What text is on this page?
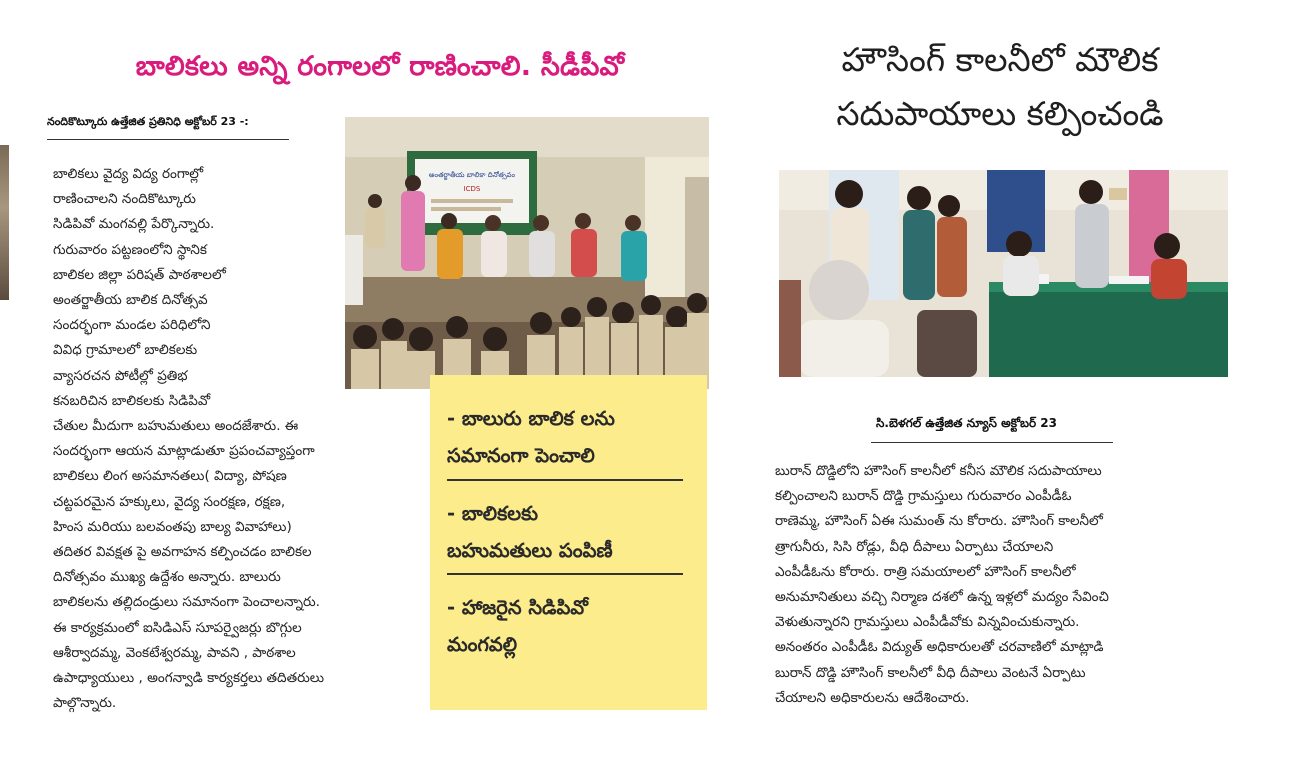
బాలికలు అన్ని రంగాలలో రాణించాలి. సీడీపీవో
నందికొట్కూరు ఉత్తేజిత ప్రతినిధి అక్టోబర్ 23 -:
బాలికలు వైద్య విద్య రంగాల్లో
రాణించాలని నందికొట్కూరు
సిడిపివో మంగవల్లి పేర్కొన్నారు.
గురువారం పట్టణంలోని స్థానిక
బాలికల జిల్లా పరిషత్ పాఠశాలలో
అంతర్జాతీయ బాలిక దినోత్సవ
సందర్భంగా మండల పరిధిలోని
వివిధ గ్రామాలలో బాలికలకు
వ్యాసరచన పోటీల్లో ప్రతిభ
కనబరిచిన బాలికలకు సిడిపివో
చేతుల మీదుగా బహుమతులు అందజేశారు. ఈ
సందర్భంగా ఆయన మాట్లాడుతూ ప్రపంచవ్యాప్తంగా
బాలికలు లింగ అసమానతలు( విద్యా, పోషణ
చట్టపరమైన హక్కులు, వైద్య సంరక్షణ, రక్షణ,
హింస మరియు బలవంతపు బాల్య వివాహాలు)
తదితర వివక్షత పై అవగాహన కల్పించడం బాలికల
దినోత్సవం ముఖ్య ఉద్దేశం అన్నారు. బాలురు
బాలికలను తల్లిదండ్రులు సమానంగా పెంచాలన్నారు.
ఈ కార్యక్రమంలో ఐసిడిఎస్ సూపర్వైజర్లు బొగ్గుల
ఆశీర్వాదమ్మ, వెంకటేశ్వరమ్మ, పావని , పాఠశాల
ఉపాధ్యాయులు , అంగన్వాడి కార్యకర్తలు తదితరులు
పాల్గొన్నారు.
అంతర్జాతీయ బాలికా దినోత్సవం
ICDS
- బాలురు బాలిక లను
సమానంగా పెంచాలి
- బాలికలకు
బహుమతులు పంపిణీ
- హాజరైన సిడిపివో
మంగవల్లి
హౌసింగ్ కాలనీలో మౌలిక
సదుపాయాలు కల్పించండి
సి.బెళగల్ ఉత్తేజిత న్యూస్ అక్టోబర్ 23
బురాన్ దొడ్డిలోని హౌసింగ్ కాలనీలో కనీస మౌలిక సదుపాయాలు
కల్పించాలని బురాన్ దొడ్డి గ్రామస్తులు గురువారం ఎంపీడీఓ
రాణెమ్మ, హౌసింగ్ ఏఈ సుమంత్ ను కోరారు. హౌసింగ్ కాలనీలో
త్రాగునీరు, సిసి రోడ్లు, వీధి దీపాలు ఏర్పాటు చేయాలని
ఎంపీడీఓను కోరారు. రాత్రి సమయాలలో హౌసింగ్ కాలనీలో
అనుమానితులు వచ్చి నిర్మాణ దశలో ఉన్న ఇళ్లలో మద్యం సేవించి
వెళుతున్నారని గ్రామస్తులు ఎంపీడీవోకు విన్నవించుకున్నారు.
అనంతరం ఎంపీడీఓ విద్యుత్ అధికారులతో చరవాణిలో మాట్లాడి
బురాన్ దొడ్డి హౌసింగ్ కాలనీలో వీధి దీపాలు వెంటనే ఏర్పాటు
చేయాలని అధికారులను ఆదేశించారు.
